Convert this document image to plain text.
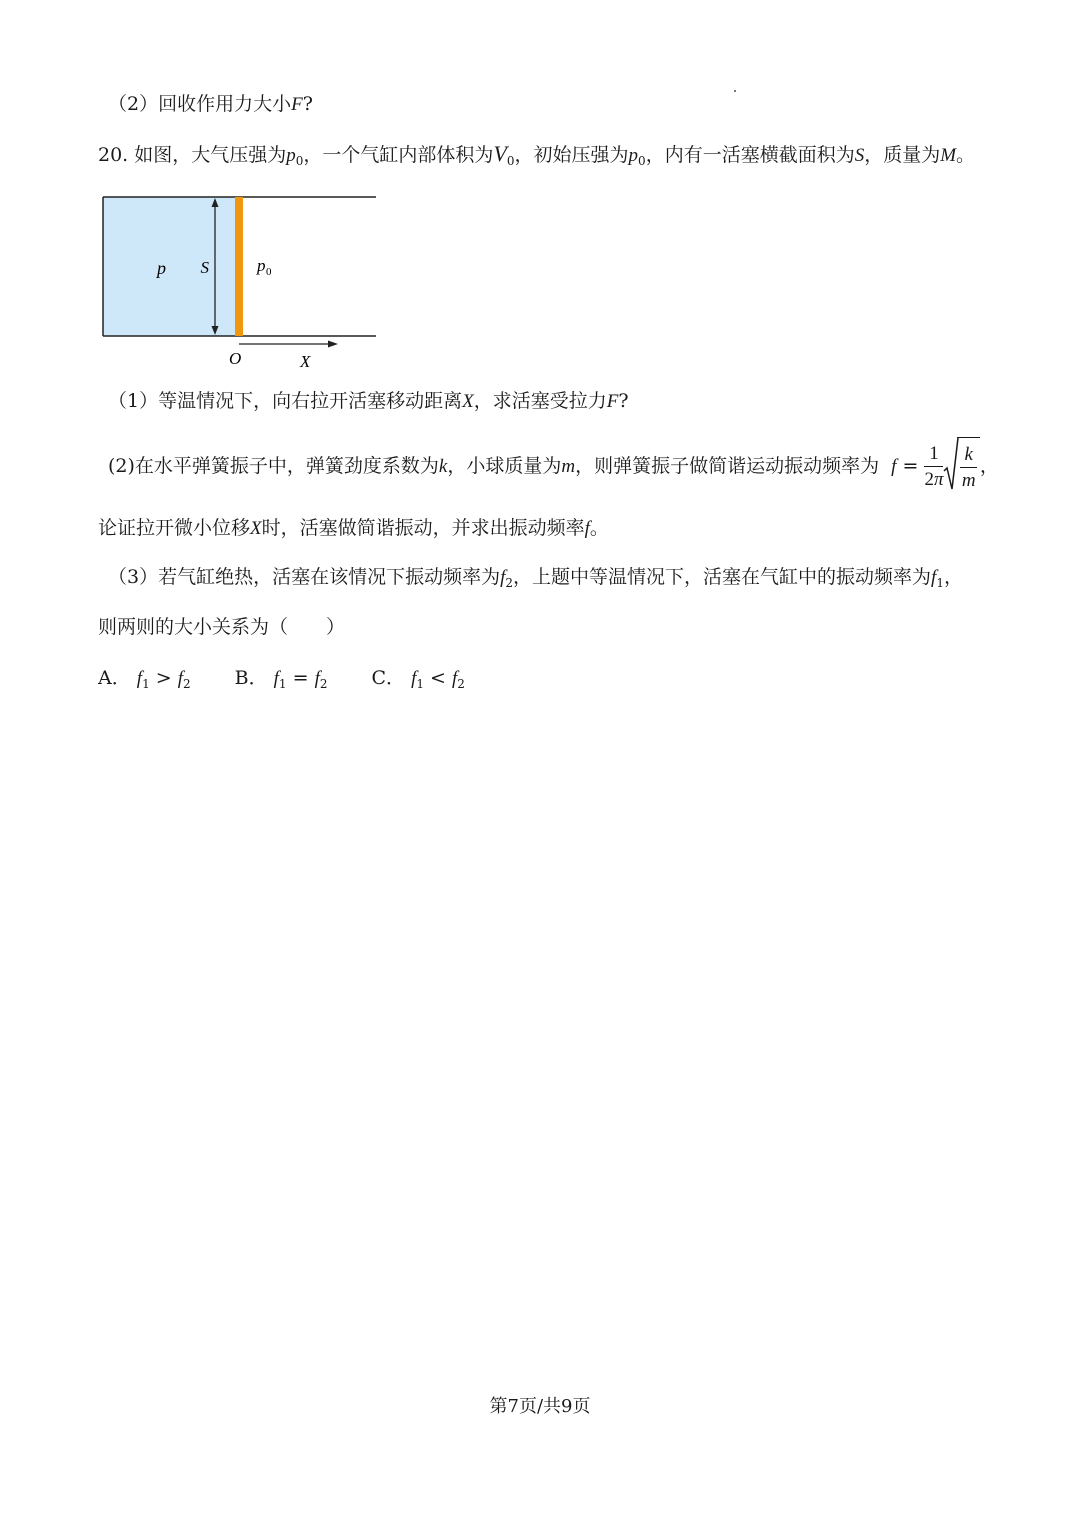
（2）回收作用力大小F?
20. 如图，大气压强为$p_0$，一个气缸内部体积为$V_0$，初始压强为$p_0$，内有一活塞横截面积为S，质量为M。
p S	p 0
O	X
（1）等温情况下，向右拉开活塞移动距离X，求活塞受拉力F?
(2)在水平弹簧振子中，弹簧劲度系数为k，小球质量为m，则弹簧振子做简谐运动振动频率为 $f = \frac{1}{2\pi} \frac{k}{m}$ ，
论证拉开微小位移X时，活塞做简谐振动，并求出振动频率f。
（3）若气缸绝热，活塞在该情况下振动频率为$f_2$，上题中等温情况下，活塞在气缸中的振动频率为$f_1$，
则两则的大小关系为（　　）
A． $f_1 > f_2$ B． $f_1 = f_2$ C． $f_1 < f_2$
第7页/共9页
